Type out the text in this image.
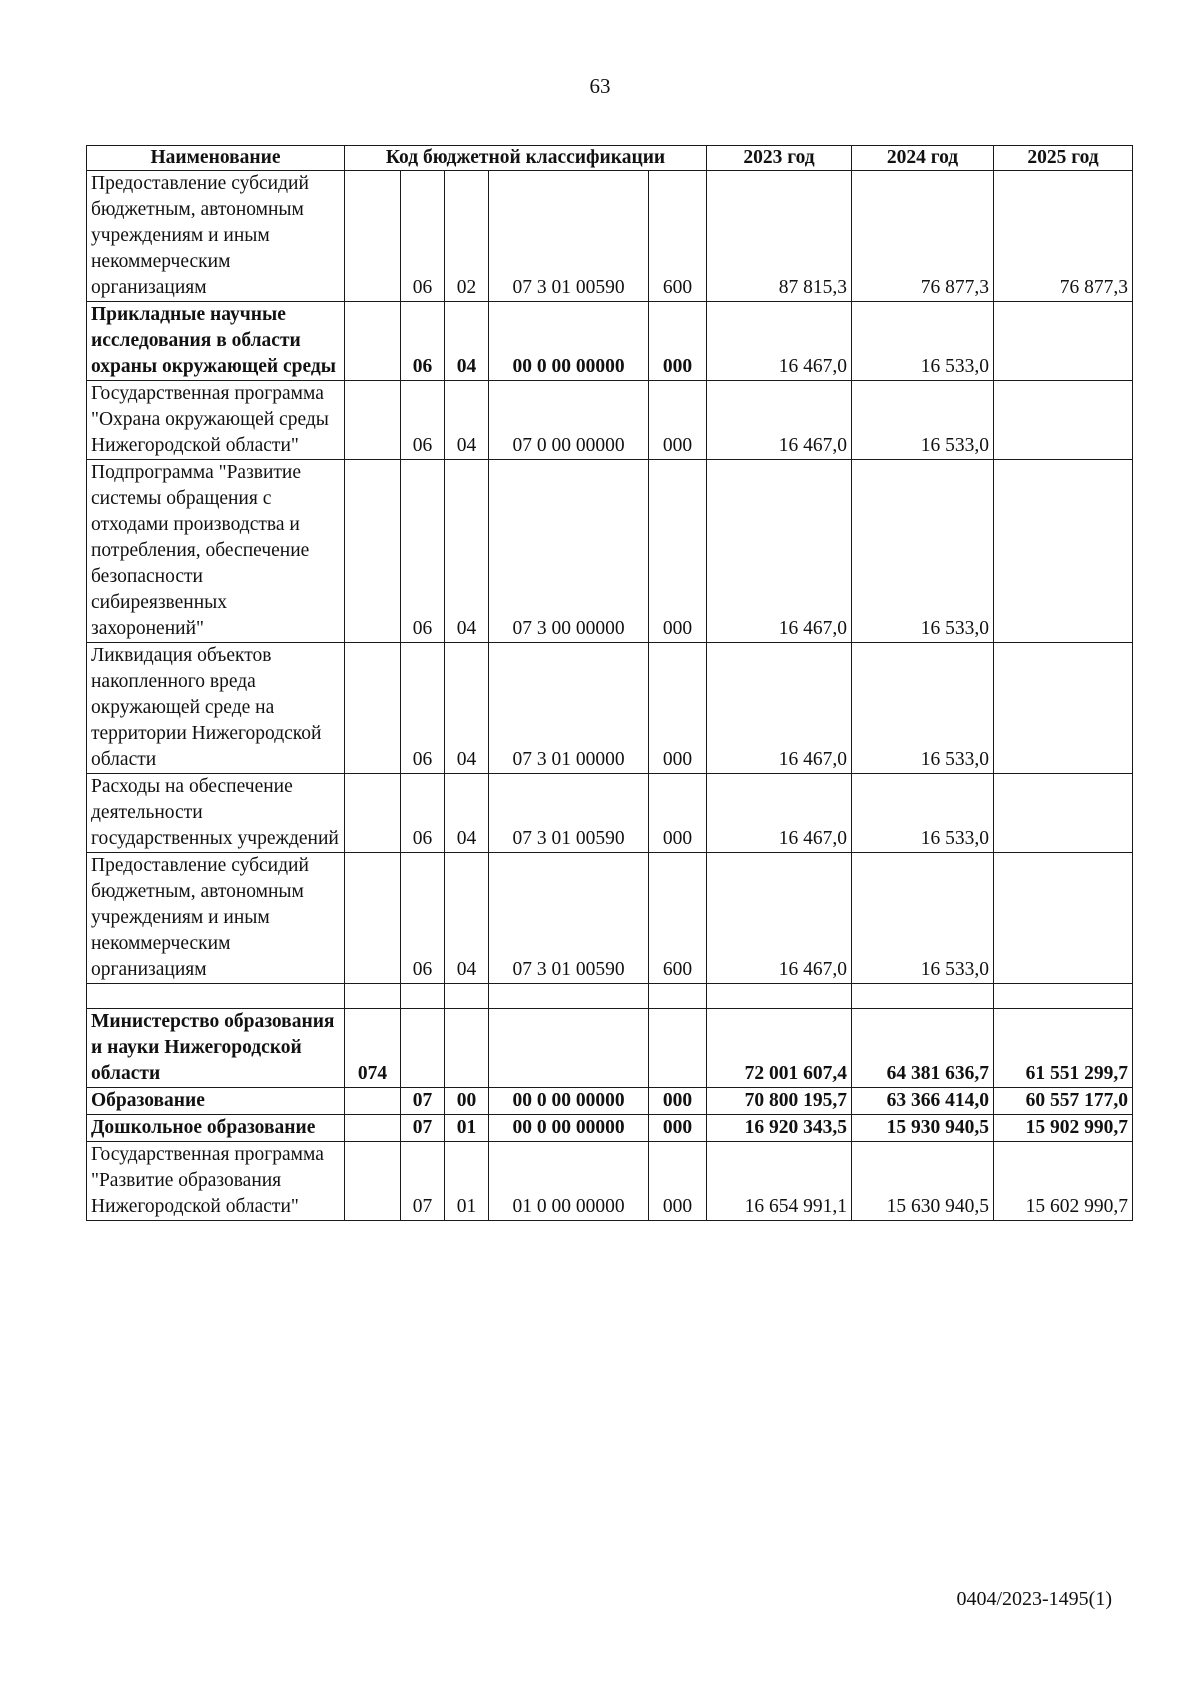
63
Наименование	Код бюджетной классификации					2023 год	2024 год	2025 год
Предоставление субсидий бюджетным, автономным учреждениям и иным некоммерческим организациям		06	02	07 3 01 00590	600	87 815,3	76 877,3	76 877,3
Прикладные научные исследования в области охраны окружающей среды		06	04	00 0 00 00000	000	16 467,0	16 533,0	
Государственная программа "Охрана окружающей среды Нижегородской области"		06	04	07 0 00 00000	000	16 467,0	16 533,0	
Подпрограмма "Развитие системы обращения с отходами производства и потребления, обеспечение безопасности сибиреязвенных захоронений"		06	04	07 3 00 00000	000	16 467,0	16 533,0	
Ликвидация объектов накопленного вреда окружающей среде на территории Нижегородской области		06	04	07 3 01 00000	000	16 467,0	16 533,0	
Расходы на обеспечение деятельности государственных учреждений		06	04	07 3 01 00590	000	16 467,0	16 533,0	
Предоставление субсидий бюджетным, автономным учреждениям и иным некоммерческим организациям		06	04	07 3 01 00590	600	16 467,0	16 533,0	

Министерство образования и науки Нижегородской области	074					72 001 607,4	64 381 636,7	61 551 299,7
Образование		07	00	00 0 00 00000	000	70 800 195,7	63 366 414,0	60 557 177,0
Дошкольное образование		07	01	00 0 00 00000	000	16 920 343,5	15 930 940,5	15 902 990,7
Государственная программа "Развитие образования Нижегородской области"		07	01	01 0 00 00000	000	16 654 991,1	15 630 940,5	15 602 990,7
0404/2023-1495(1)
